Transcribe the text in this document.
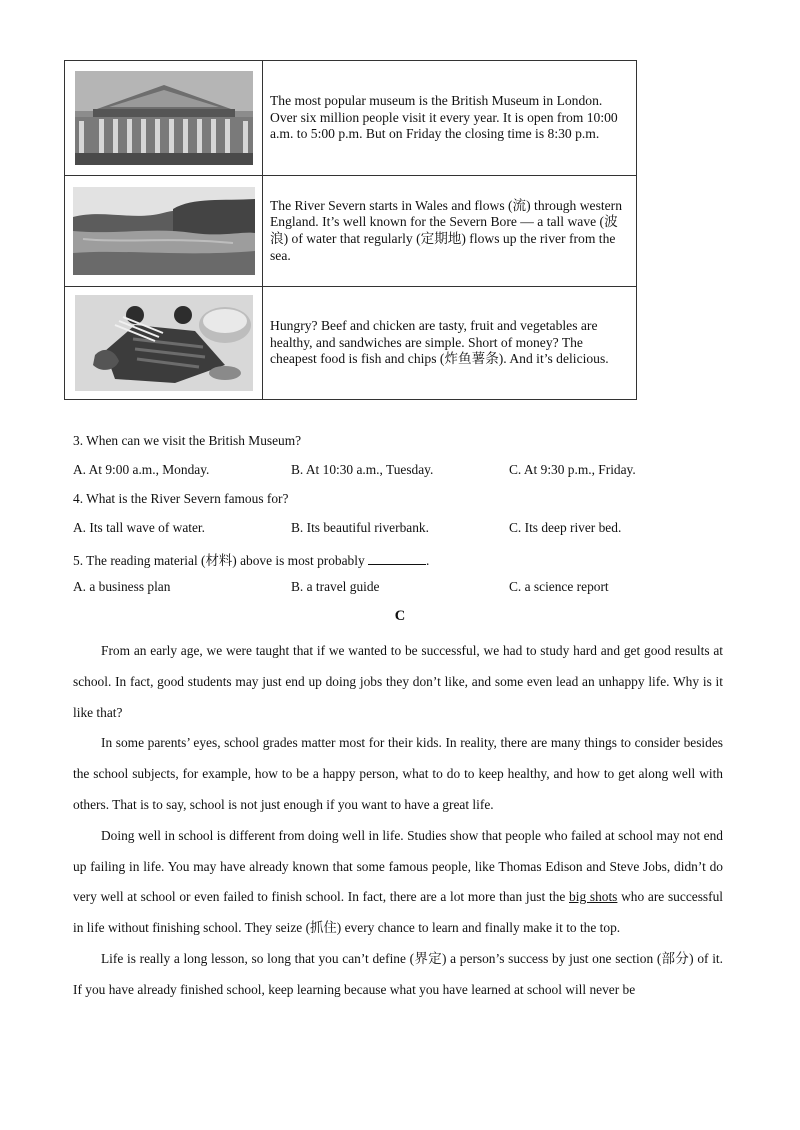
	The most popular museum is the British Museum in London. Over six million people visit it every year. It is open from 10:00 a.m. to 5:00 p.m. But on Friday the closing time is 8:30 p.m.

	The River Severn starts in Wales and flows (流) through western England. It’s well known for the Severn Bore — a tall wave (波浪) of water that regularly (定期地) flows up the river from the sea.

	Hungry? Beef and chicken are tasty, fruit and vegetables are healthy, and sandwiches are simple. Short of money? The cheapest food is fish and chips (炸鱼薯条). And it’s delicious.
3. When can we visit the British Museum?
A. At 9:00 a.m., Monday.	B. At 10:30 a.m., Tuesday.	C. At 9:30 p.m., Friday.
4. What is the River Severn famous for?
A. Its tall wave of water.	B. Its beautiful riverbank.	C. Its deep river bed.
5. The reading material (材料) above is most probably	.
A. a business plan	B. a travel guide	C. a science report
C

From an early age, we were taught that if we wanted to be successful, we had to study hard and get good results at school. In fact, good students may just end up doing jobs they don’t like, and some even lead an unhappy life. Why is it like that?

In some parents’ eyes, school grades matter most for their kids. In reality, there are many things to consider besides the school subjects, for example, how to be a happy person, what to do to keep healthy, and how to get along well with others. That is to say, school is not just enough if you want to have a great life.

Doing well in school is different from doing well in life. Studies show that people who failed at school may not end up failing in life. You may have already known that some famous people, like Thomas Edison and Steve Jobs, didn’t do very well at school or even failed to finish school. In fact, there are a lot more than just the big shots who are successful in life without finishing school. They seize (抓住) every chance to learn and finally make it to the top.

Life is really a long lesson, so long that you can’t define (界定) a person’s success by just one section (部分) of it. If you have already finished school, keep learning because what you have learned at school will never be
